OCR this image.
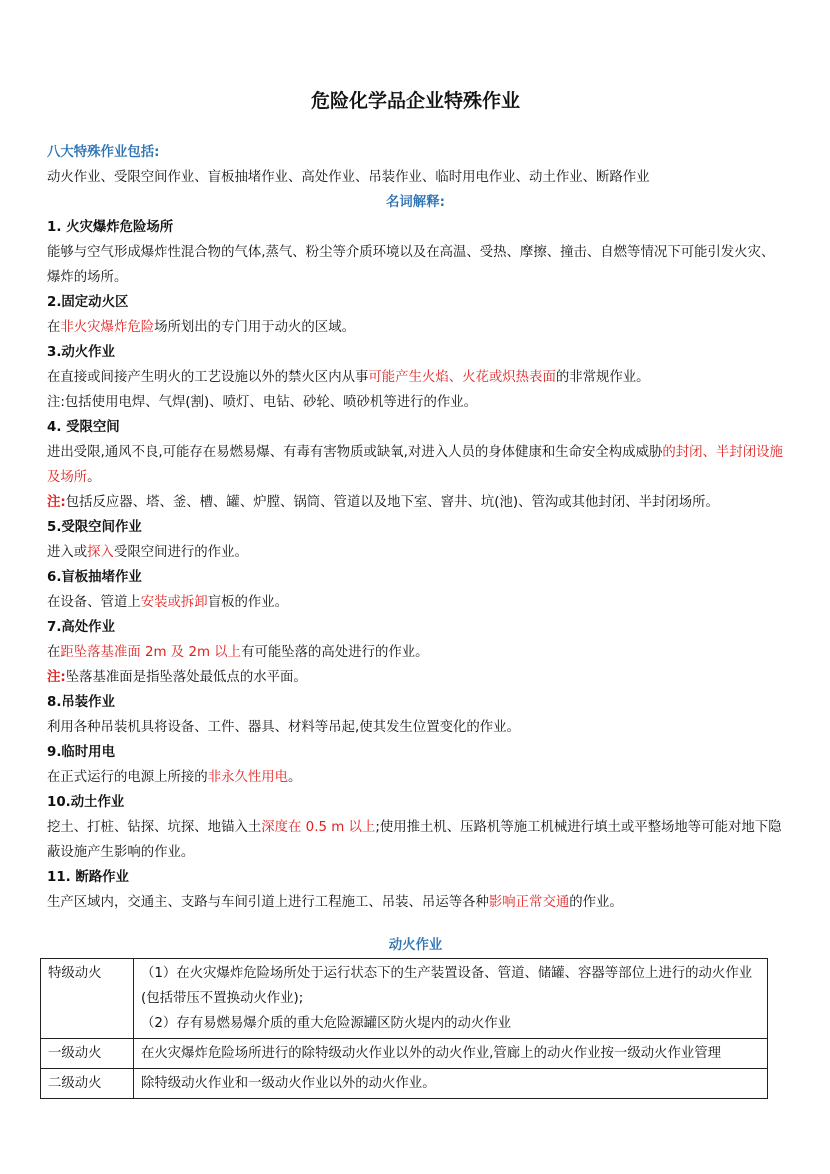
危险化学品企业特殊作业

八大特殊作业包括:

动火作业、受限空间作业、盲板抽堵作业、高处作业、吊装作业、临时用电作业、动土作业、断路作业

名词解释:

1. 火灾爆炸危险场所

能够与空气形成爆炸性混合物的气体,蒸气、粉尘等介质环境以及在高温、受热、摩擦、撞击、自燃等情况下可能引发火灾、爆炸的场所。

2.固定动火区

在非火灾爆炸危险场所划出的专门用于动火的区域。

3.动火作业

在直接或间接产生明火的工艺设施以外的禁火区内从事可能产生火焰、火花或炽热表面的非常规作业。

注:包括使用电焊、气焊(割)、喷灯、电钻、砂轮、喷砂机等进行的作业。

4. 受限空间

进出受限,通风不良,可能存在易燃易爆、有毒有害物质或缺氧,对进入人员的身体健康和生命安全构成威胁的封闭、半封闭设施及场所。

注:包括反应器、塔、釜、槽、罐、炉膛、锅筒、管道以及地下室、窨井、坑(池)、管沟或其他封闭、半封闭场所。

5.受限空间作业

进入或探入受限空间进行的作业。

6.盲板抽堵作业

在设备、管道上安装或拆卸盲板的作业。

7.高处作业

在距坠落基准面 2m 及 2m 以上有可能坠落的高处进行的作业。

注:坠落基准面是指坠落处最低点的水平面。

8.吊装作业

利用各种吊装机具将设备、工件、器具、材料等吊起,使其发生位置变化的作业。

9.临时用电

在正式运行的电源上所接的非永久性用电。

10.动土作业

挖土、打桩、钻探、坑探、地锚入土深度在 0.5 m 以上;使用推土机、压路机等施工机械进行填土或平整场地等可能对地下隐蔽设施产生影响的作业。

11. 断路作业

生产区域内，交通主、支路与车间引道上进行工程施工、吊装、吊运等各种影响正常交通的作业。

动火作业
特级动火	（1）在火灾爆炸危险场所处于运行状态下的生产装置设备、管道、储罐、容器等部位上进行的动火作业(包括带压不置换动火作业);
（2）存有易燃易爆介质的重大危险源罐区防火堤内的动火作业

一级动火	在火灾爆炸危险场所进行的除特级动火作业以外的动火作业,管廊上的动火作业按一级动火作业管理
二级动火	除特级动火作业和一级动火作业以外的动火作业。
